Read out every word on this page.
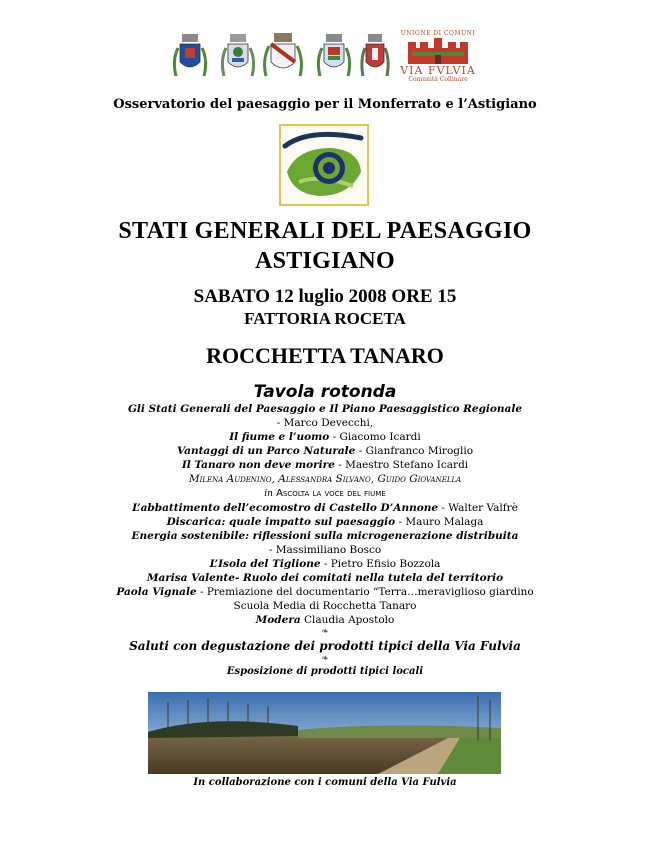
UNIONE DI COMUNI
VIA FVLVIA
Comunità Collinare
Osservatorio del paesaggio per il Monferrato e l’Astigiano
STATI GENERALI DEL PAESAGGIO
ASTIGIANO
SABATO 12 luglio 2008 ORE 15
FATTORIA ROCETA
ROCCHETTA TANARO
Tavola rotonda
Gli Stati Generali del Paesaggio e Il Piano Paesaggistico Regionale
- Marco Devecchi,
Il fiume e l’uomo - Giacomo Icardi
Vantaggi di un Parco Naturale - Gianfranco Miroglio
Il Tanaro non deve morire - Maestro Stefano Icardi
Milena Audenino, Alessandra Silvano, Guido Giovanella
in Ascolta la voce del fiume
L’abbattimento dell’ecomostro di Castello D’Annone - Walter Valfrè
Discarica: quale impatto sul paesaggio - Mauro Malaga
Energia sostenibile: riflessioni sulla microgenerazione distribuita
- Massimiliano Bosco
L’Isola del Tiglione - Pietro Efisio Bozzola
Marisa Valente- Ruolo dei comitati nella tutela del territorio
Paola Vignale - Premiazione del documentario “Terra…meraviglioso giardino
Scuola Media di Rocchetta Tanaro
Modera Claudia Apostolo
❧
Saluti con degustazione dei prodotti tipici della Via Fulvia
❧
Esposizione di prodotti tipici locali
In collaborazione con i comuni della Via Fulvia
